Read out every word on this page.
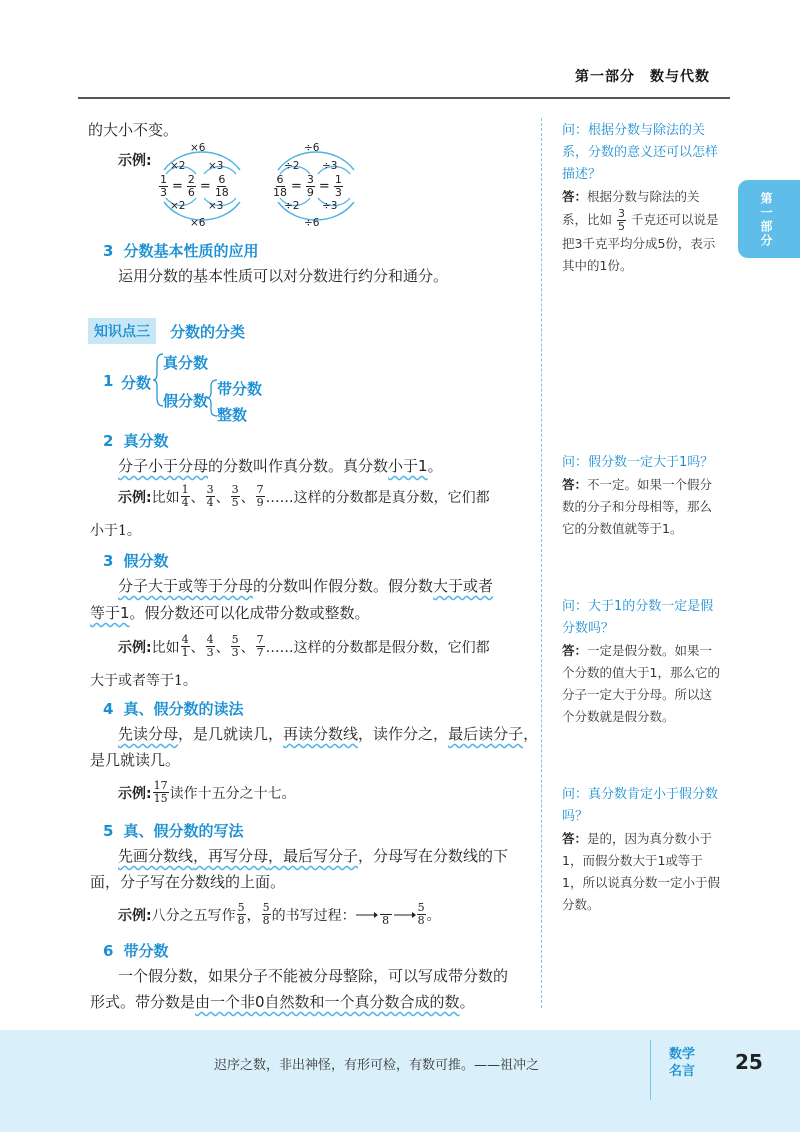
第一部分　数与代数
第一部分
的大小不变。
示例:
×6
×2 ×3
$\frac{1}{3} = \frac{2}{6} = \frac{6}{18}$
×2 ×3
×6
÷6
÷2 ÷3
$\frac{6}{18} = \frac{3}{9} = \frac{1}{3}$
÷2 ÷3
÷6
3 分数基本性质的应用
运用分数的基本性质可以对分数进行约分和通分。
知识点三	分数的分类
1 分数
真分数
假分数
带分数
整数
2 真分数
分子小于分母的分数叫作真分数。真分数小于1。
示例: 比如 $\frac{1}{4}$ 、 $\frac{3}{4}$ 、 $\frac{3}{5}$ 、 $\frac{7}{9}$ ……这样的分数都是真分数，它们都
小于1。
3 假分数
分子大于或等于分母的分数叫作假分数。假分数大于或者
等于1。假分数还可以化成带分数或整数。
示例: 比如 $\frac{4}{1}$ 、 $\frac{4}{3}$ 、 $\frac{5}{3}$ 、 $\frac{7}{7}$ ……这样的分数都是假分数，它们都
大于或者等于1。
4 真、假分数的读法
先读分母，是几就读几，再读分数线，读作分之，最后读分子，
是几就读几。
示例: $\frac{17}{15}$ 读作十五分之十七。
5 真、假分数的写法
先画分数线，再写分母，最后写分子，分母写在分数线的下
面，分子写在分数线的上面。
示例: 八分之五写作 $\frac{5}{8}$ ， $\frac{5}{8}$ 的书写过程： 8	$\frac{5}{8}$ 。
6 带分数
一个假分数，如果分子不能被分母整除，可以写成带分数的
形式。带分数是由一个非0自然数和一个真分数合成的数。
问：根据分数与除法的关系，分数的意义还可以怎样描述？
答：根据分数与除法的关系，比如 $\frac{3}{5}$ 千克还可以说是把3千克平均分成5份，表示其中的1份。
问：假分数一定大于1吗？
答：不一定。如果一个假分数的分子和分母相等，那么它的分数值就等于1。
问：大于1的分数一定是假分数吗？
答：一定是假分数。如果一个分数的值大于1，那么它的分子一定大于分母。所以这个分数就是假分数。
问：真分数肯定小于假分数吗？
答：是的，因为真分数小于1，而假分数大于1或等于1，所以说真分数一定小于假分数。
迟序之数，非出神怪，有形可检，有数可推。——祖冲之
数学名言 25
